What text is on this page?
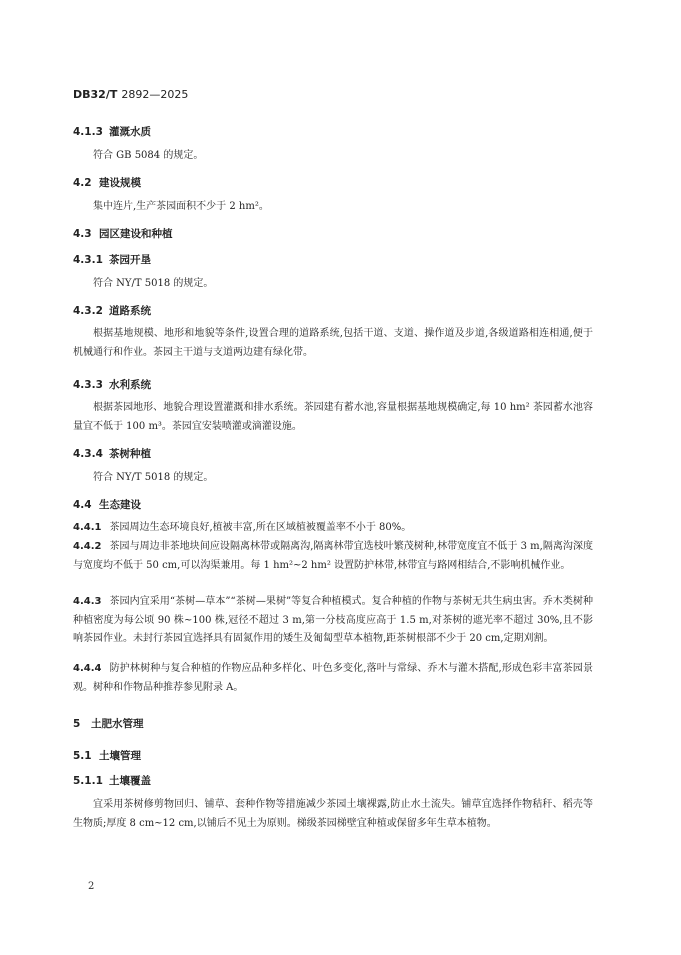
DB32/T 2892—2025
4.1.3 灌溉水质
符合 GB 5084 的规定。
4.2 建设规模
集中连片,生产茶园面积不少于 2 hm²。
4.3 园区建设和种植
4.3.1 茶园开垦
符合 NY/T 5018 的规定。
4.3.2 道路系统
根据基地规模、地形和地貌等条件,设置合理的道路系统,包括干道、支道、操作道及步道,各级道路相连相通,便于机械通行和作业。茶园主干道与支道两边建有绿化带。
4.3.3 水利系统
根据茶园地形、地貌合理设置灌溉和排水系统。茶园建有蓄水池,容量根据基地规模确定,每 10 hm² 茶园蓄水池容量宜不低于 100 m³。茶园宜安装喷灌或滴灌设施。
4.3.4 茶树种植
符合 NY/T 5018 的规定。
4.4 生态建设
4.4.1 茶园周边生态环境良好,植被丰富,所在区域植被覆盖率不小于 80%。
4.4.2 茶园与周边非茶地块间应设隔离林带或隔离沟,隔离林带宜选枝叶繁茂树种,林带宽度宜不低于 3 m,隔离沟深度与宽度均不低于 50 cm,可以沟渠兼用。每 1 hm²~2 hm² 设置防护林带,林带宜与路网相结合,不影响机械作业。
4.4.3 茶园内宜采用“茶树—草本”“茶树—果树”等复合种植模式。复合种植的作物与茶树无共生病虫害。乔木类树种种植密度为每公顷 90 株~100 株,冠径不超过 3 m,第一分枝高度应高于 1.5 m,对茶树的遮光率不超过 30%,且不影响茶园作业。未封行茶园宜选择具有固氮作用的矮生及匍匐型草本植物,距茶树根部不少于 20 cm,定期刈割。
4.4.4 防护林树种与复合种植的作物应品种多样化、叶色多变化,落叶与常绿、乔木与灌木搭配,形成色彩丰富茶园景观。树种和作物品种推荐参见附录 A。
5 土肥水管理
5.1 土壤管理
5.1.1 土壤覆盖
宜采用茶树修剪物回归、铺草、套种作物等措施减少茶园土壤裸露,防止水土流失。铺草宜选择作物秸秆、稻壳等生物质;厚度 8 cm~12 cm,以铺后不见土为原则。梯级茶园梯壁宜种植或保留多年生草本植物。
2
